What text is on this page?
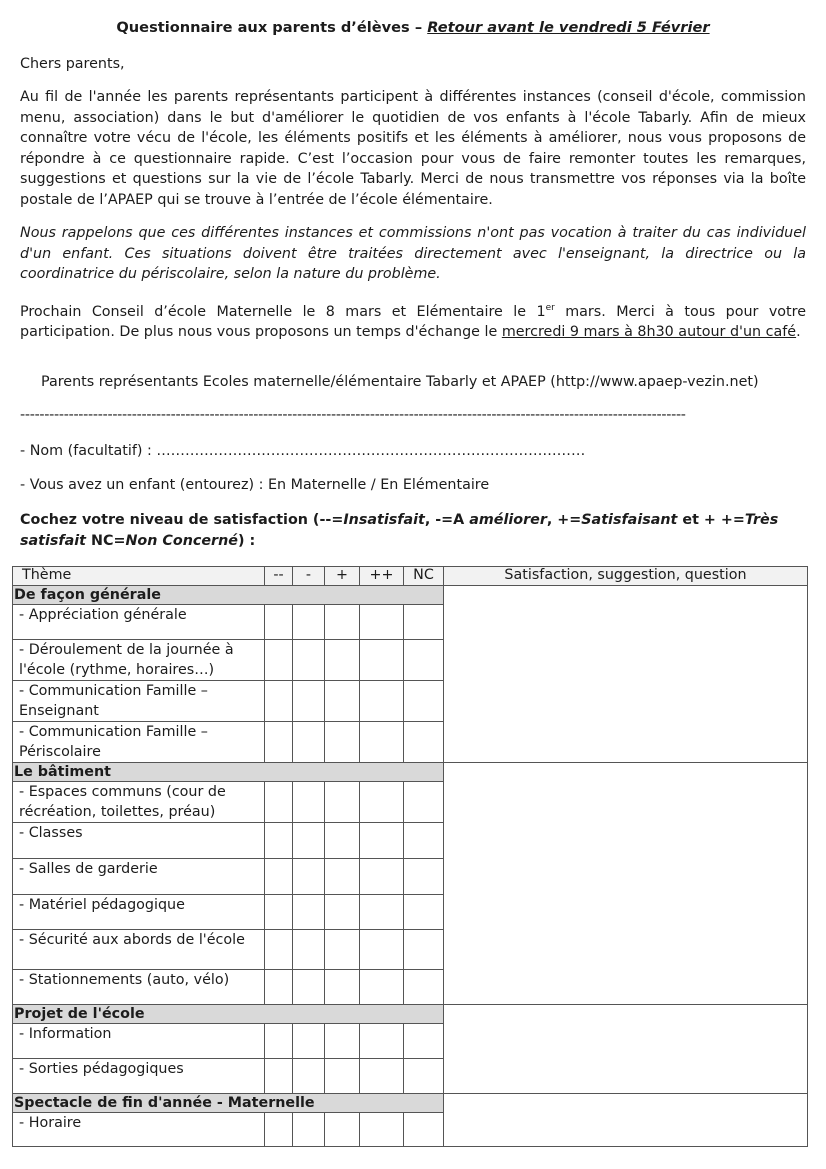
Questionnaire aux parents d’élèves – Retour avant le vendredi 5 Février
Chers parents,
Au fil de l'année les parents représentants participent à différentes instances (conseil d'école, commission menu, association) dans le but d'améliorer le quotidien de vos enfants à l'école Tabarly. Afin de mieux connaître votre vécu de l'école, les éléments positifs et les éléments à améliorer, nous vous proposons de répondre à ce questionnaire rapide. C’est l’occasion pour vous de faire remonter toutes les remarques, suggestions et questions sur la vie de l’école Tabarly. Merci de nous transmettre vos réponses via la boîte postale de l’APAEP qui se trouve à l’entrée de l’école élémentaire.
Nous rappelons que ces différentes instances et commissions n'ont pas vocation à traiter du cas individuel d'un enfant. Ces situations doivent être traitées directement avec l'enseignant, la directrice ou la coordinatrice du périscolaire, selon la nature du problème.
Prochain Conseil d’école Maternelle le 8 mars et Elémentaire le 1er mars. Merci à tous pour votre participation. De plus nous vous proposons un temps d'échange le mercredi 9 mars à 8h30 autour d'un café.
Parents représentants Ecoles maternelle/élémentaire Tabarly et APAEP (http://www.apaep-vezin.net)
-----------------------------------------------------------------------------------------------------------------------------------------
- Nom (facultatif) : ………………………………………………………………………………
- Vous avez un enfant (entourez) : En Maternelle / En Elémentaire
Cochez votre niveau de satisfaction (--=Insatisfait, -=A améliorer, +=Satisfaisant et + +=Très satisfait NC=Non Concerné) :
Thème	--	-	+	++	NC	Satisfaction, suggestion, question
De façon générale						

- Appréciation générale						

- Déroulement de la journée à l'école (rythme, horaires…)						

- Communication Famille – Enseignant						

- Communication Famille – Périscolaire						

Le bâtiment						

- Espaces communs (cour de récréation, toilettes, préau)						

- Classes						

- Salles de garderie						

- Matériel pédagogique						

- Sécurité aux abords de l'école						

- Stationnements (auto, vélo)						

Projet de l'école						

- Information						

- Sorties pédagogiques						

Spectacle de fin d'année - Maternelle						

- Horaire						
